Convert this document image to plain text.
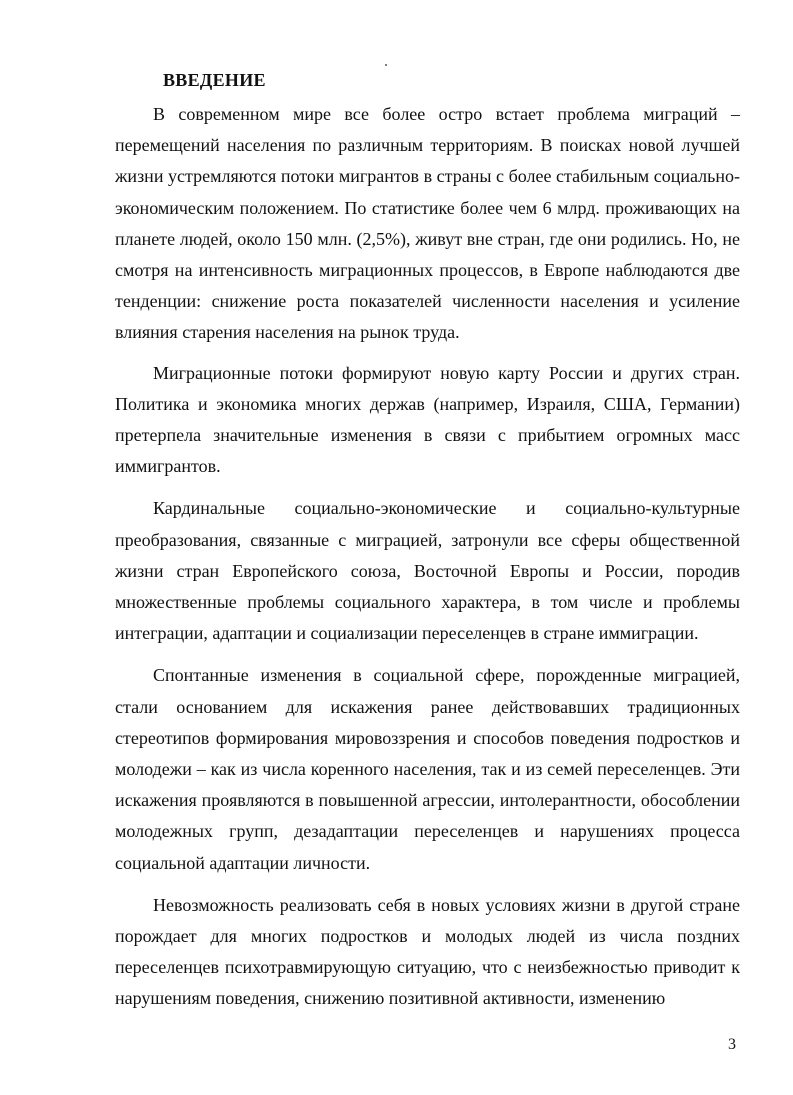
ВВЕДЕНИЕ

В современном мире все более остро встает проблема миграций – перемещений населения по различным территориям. В поисках новой лучшей жизни устремляются потоки мигрантов в страны с более стабильным социально-экономическим положением. По статистике более чем 6 млрд. проживающих на планете людей, около 150 млн. (2,5%), живут вне стран, где они родились. Но, не смотря на интенсивность миграционных процессов, в Европе наблюдаются две тенденции: снижение роста показателей численности населения и усиление влияния старения населения на рынок труда.

Миграционные потоки формируют новую карту России и других стран. Политика и экономика многих держав (например, Израиля, США, Германии) претерпела значительные изменения в связи с прибытием огромных масс иммигрантов.

Кардинальные социально-экономические и социально-культурные преобразования, связанные с миграцией, затронули все сферы общественной жизни стран Европейского союза, Восточной Европы и России, породив множественные проблемы социального характера, в том числе и проблемы интеграции, адаптации и социализации переселенцев в стране иммиграции.

Спонтанные изменения в социальной сфере, порожденные миграцией, стали основанием для искажения ранее действовавших традиционных стереотипов формирования мировоззрения и способов поведения подростков и молодежи – как из числа коренного населения, так и из семей переселенцев. Эти искажения проявляются в повышенной агрессии, интолерантности, обособлении молодежных групп, дезадаптации переселенцев и нарушениях процесса социальной адаптации личности.

Невозможность реализовать себя в новых условиях жизни в другой стране порождает для многих подростков и молодых людей из числа поздних переселенцев психотравмирующую ситуацию, что с неизбежностью приводит к нарушениям поведения, снижению позитивной активности, изменению

3
